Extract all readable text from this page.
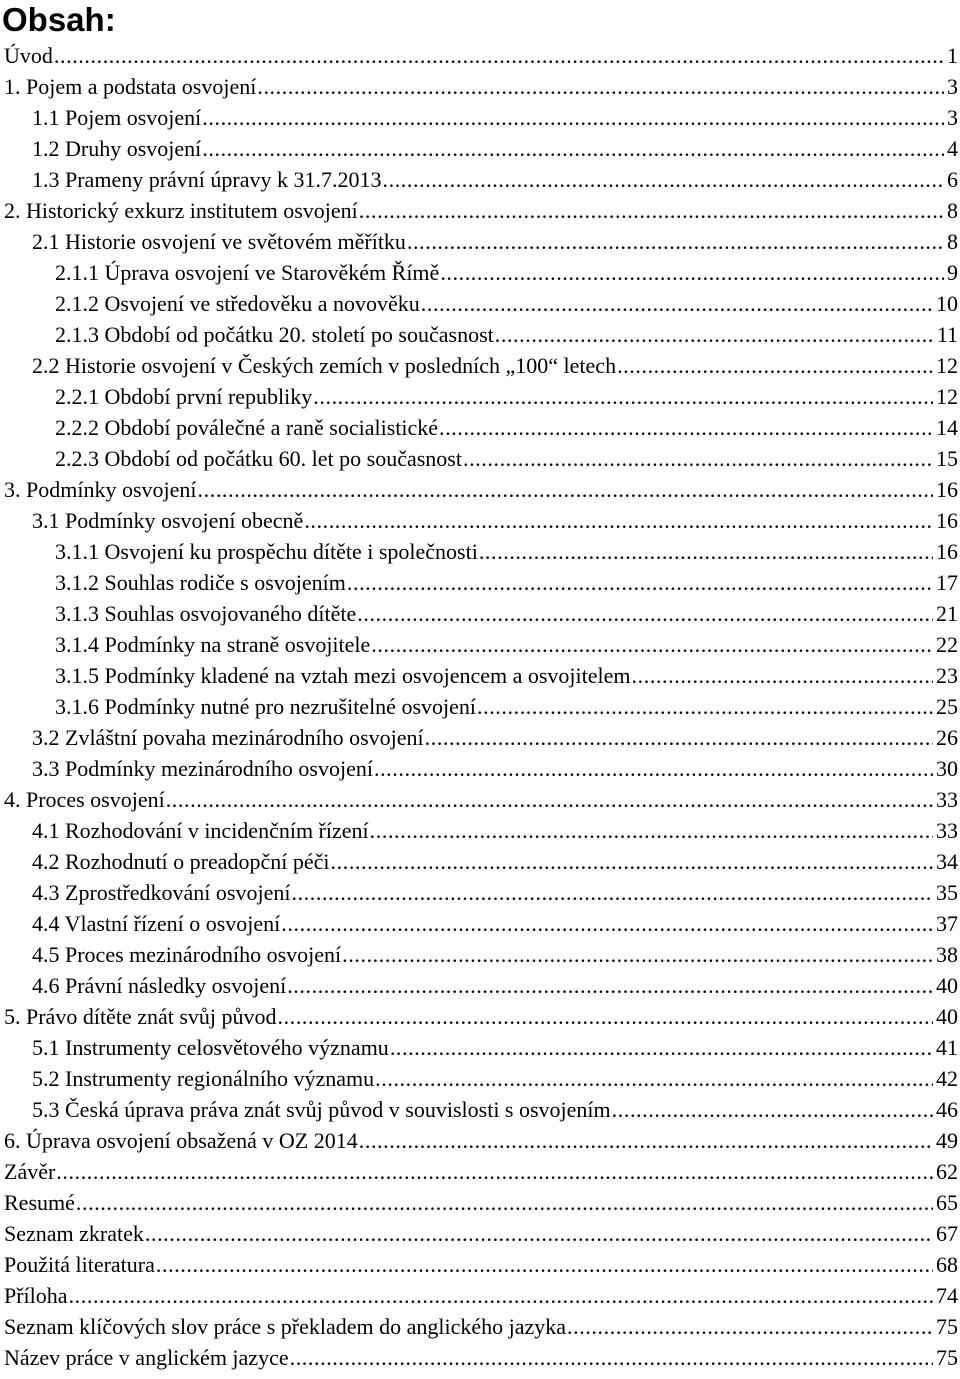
Obsah:
Úvod .....	1
1. Pojem a podstata osvojení .....	3
1.1 Pojem osvojení .....	3
1.2 Druhy osvojení .....	4
1.3 Prameny právní úpravy k 31.7.2013 .....	6
2. Historický exkurz institutem osvojení .....	8
2.1 Historie osvojení ve světovém měřítku .....	8
2.1.1 Úprava osvojení ve Starověkém Římě .....	9
2.1.2 Osvojení ve středověku a novověku .....	10
2.1.3 Období od počátku 20. století po současnost .....	11
2.2 Historie osvojení v Českých zemích v posledních „100“ letech .....	12
2.2.1 Období první republiky .....	12
2.2.2 Období poválečné a raně socialistické .....	14
2.2.3 Období od počátku 60. let po současnost .....	15
3. Podmínky osvojení .....	16
3.1 Podmínky osvojení obecně .....	16
3.1.1 Osvojení ku prospěchu dítěte i společnosti .....	16
3.1.2 Souhlas rodiče s osvojením .....	17
3.1.3 Souhlas osvojovaného dítěte .....	21
3.1.4 Podmínky na straně osvojitele .....	22
3.1.5 Podmínky kladené na vztah mezi osvojencem a osvojitelem .....	23
3.1.6 Podmínky nutné pro nezrušitelné osvojení .....	25
3.2 Zvláštní povaha mezinárodního osvojení .....	26
3.3 Podmínky mezinárodního osvojení .....	30
4. Proces osvojení .....	33
4.1 Rozhodování v incidenčním řízení .....	33
4.2 Rozhodnutí o preadopční péči .....	34
4.3 Zprostředkování osvojení .....	35
4.4 Vlastní řízení o osvojení .....	37
4.5 Proces mezinárodního osvojení .....	38
4.6 Právní následky osvojení .....	40
5. Právo dítěte znát svůj původ .....	40
5.1 Instrumenty celosvětového významu .....	41
5.2 Instrumenty regionálního významu .....	42
5.3 Česká úprava práva znát svůj původ v souvislosti s osvojením .....	46
6. Úprava osvojení obsažená v OZ 2014 .....	49
Závěr .....	62
Resumé .....	65
Seznam zkratek .....	67
Použitá literatura .....	68
Příloha .....	74
Seznam klíčových slov práce s překladem do anglického jazyka .....	75
Název práce v anglickém jazyce .....	75
